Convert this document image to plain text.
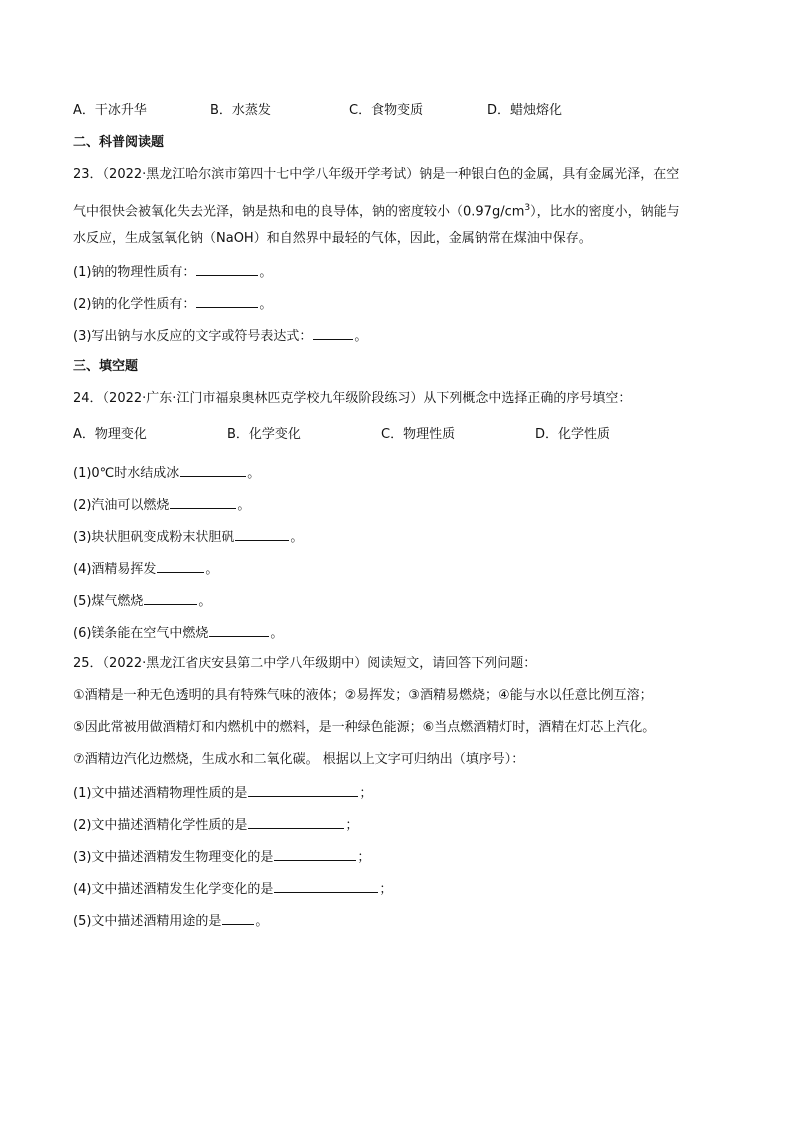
A．干冰升华	B．水蒸发	C．食物变质	D．蜡烛熔化
二、科普阅读题
23．（2022·黑龙江哈尔滨市第四十七中学八年级开学考试）钠是一种银白色的金属，具有金属光泽，在空
气中很快会被氧化失去光泽，钠是热和电的良导体，钠的密度较小$(0.97g/cm^3)$，比水的密度小，钠能与
水反应，生成氢氧化钠（NaOH）和自然界中最轻的气体，因此，金属钠常在煤油中保存。
(1)钠的物理性质有：	。
(2)钠的化学性质有：	。
(3)写出钠与水反应的文字或符号表达式：	。
三、填空题
24．（2022·广东·江门市福泉奥林匹克学校九年级阶段练习）从下列概念中选择正确的序号填空：
A．物理变化	B．化学变化	C．物理性质	D．化学性质
(1)0℃时水结成冰	。
(2)汽油可以燃烧	。
(3)块状胆矾变成粉末状胆矾	。
(4)酒精易挥发	。
(5)煤气燃烧	。
(6)镁条能在空气中燃烧	。
25．（2022·黑龙江省庆安县第二中学八年级期中）阅读短文，请回答下列问题：
①酒精是一种无色透明的具有特殊气味的液体；②易挥发；③酒精易燃烧；④能与水以任意比例互溶；
⑤因此常被用做酒精灯和内燃机中的燃料，是一种绿色能源；⑥当点燃酒精灯时，酒精在灯芯上汽化。
⑦酒精边汽化边燃烧，生成水和二氧化碳。 根据以上文字可归纳出（填序号）：
(1)文中描述酒精物理性质的是	；
(2)文中描述酒精化学性质的是	；
(3)文中描述酒精发生物理变化的是	；
(4)文中描述酒精发生化学变化的是	；
(5)文中描述酒精用途的是	。
